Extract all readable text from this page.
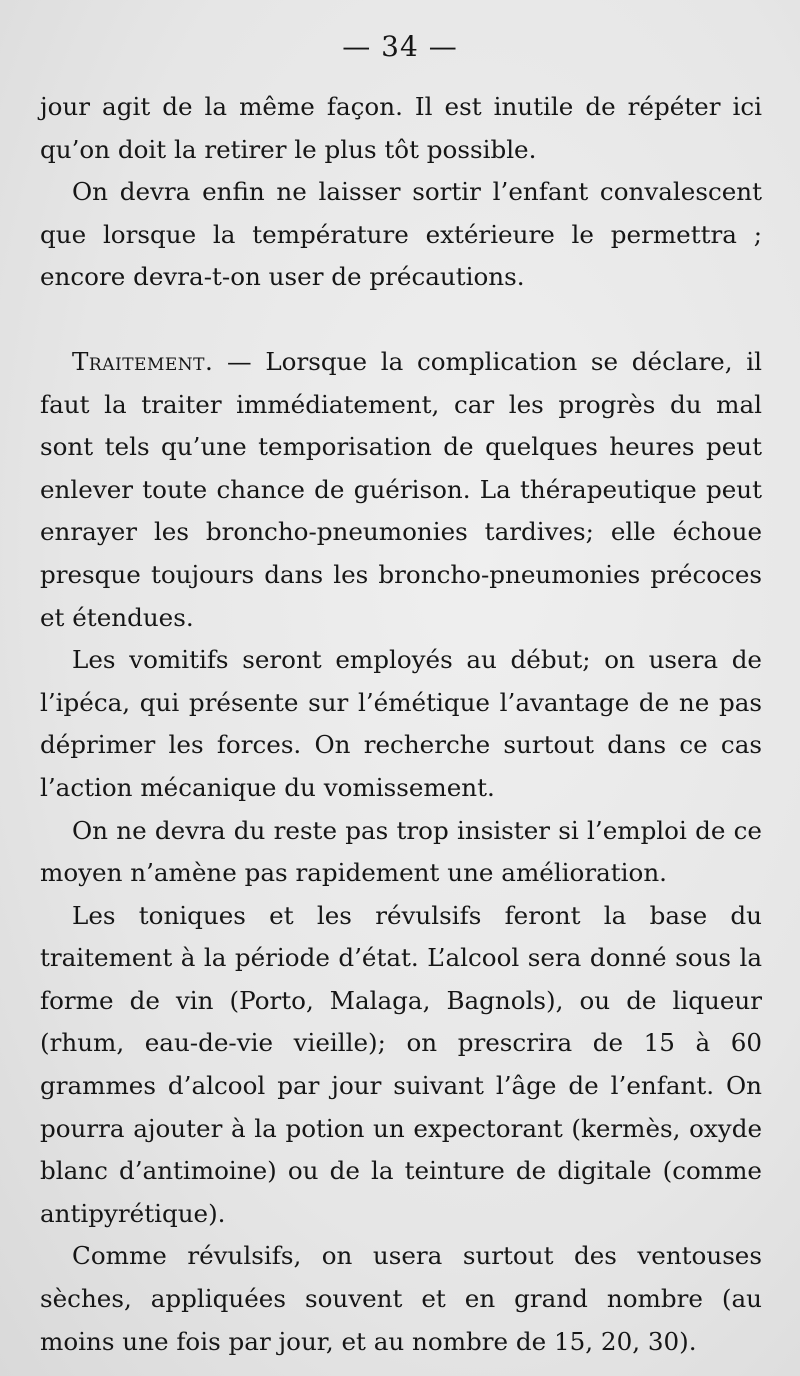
— 34 —

jour agit de la même façon. Il est inutile de répéter ici qu’on doit la retirer le plus tôt possible.

On devra enfin ne laisser sortir l’enfant convalescent que lorsque la température extérieure le permettra ; encore devra-t-on user de précautions.

Traitement. — Lorsque la complication se déclare, il faut la traiter immédiatement, car les progrès du mal sont tels qu’une temporisation de quelques heures peut enlever toute chance de guérison. La thérapeutique peut enrayer les broncho-pneumonies tardives; elle échoue presque toujours dans les broncho-pneumonies précoces et étendues.

Les vomitifs seront employés au début; on usera de l’ipéca, qui présente sur l’émétique l’avantage de ne pas déprimer les forces. On recherche surtout dans ce cas l’action mécanique du vomissement.

On ne devra du reste pas trop insister si l’emploi de ce moyen n’amène pas rapidement une amélioration.

Les toniques et les révulsifs feront la base du traitement à la période d’état. L’alcool sera donné sous la forme de vin (Porto, Malaga, Bagnols), ou de liqueur (rhum, eau-de-vie vieille); on prescrira de 15 à 60 grammes d’alcool par jour suivant l’âge de l’enfant. On pourra ajouter à la potion un expectorant (kermès, oxyde blanc d’antimoine) ou de la teinture de digitale (comme antipyrétique).

Comme révulsifs, on usera surtout des ventouses sèches, appliquées souvent et en grand nombre (au moins une fois par jour, et au nombre de 15, 20, 30).
